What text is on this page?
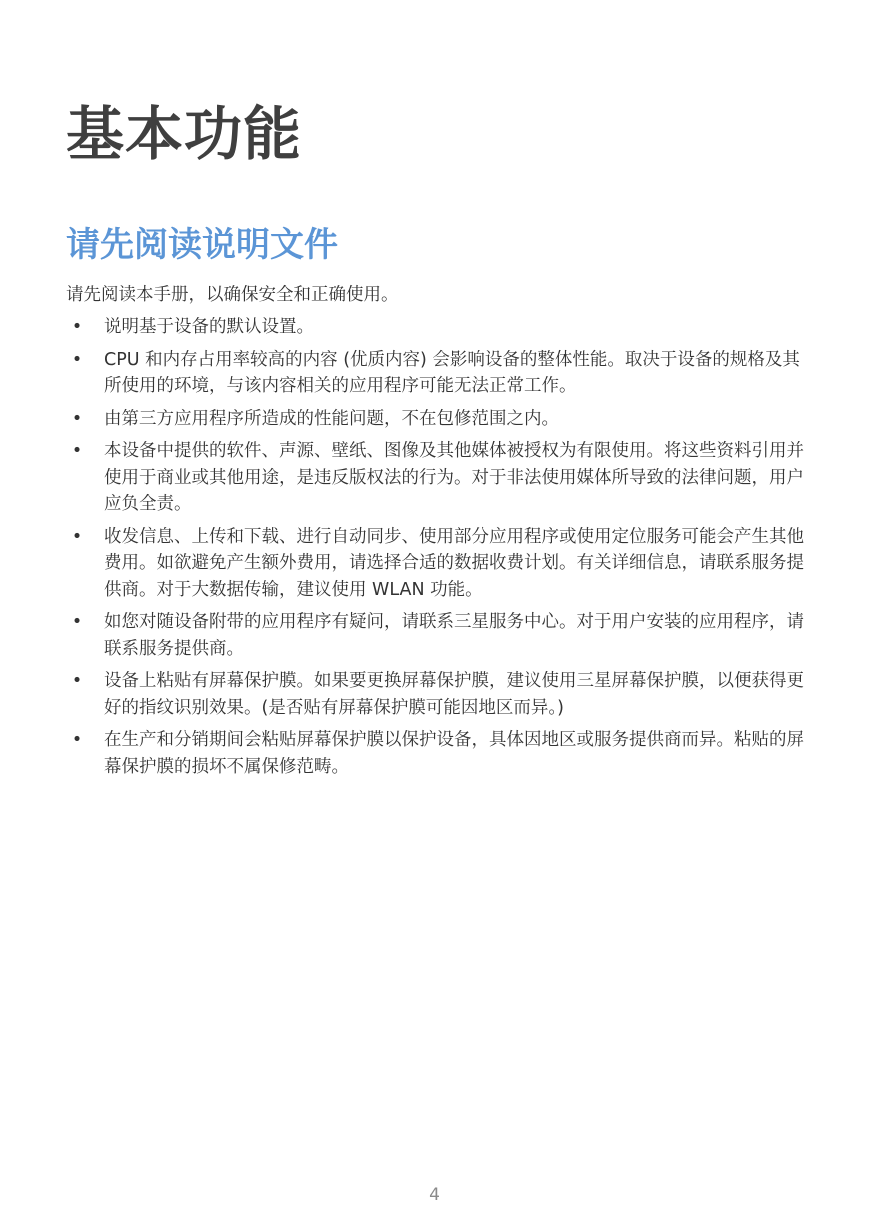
基本功能
请先阅读说明文件

请先阅读本手册，以确保安全和正确使用。

• 说明基于设备的默认设置。
• CPU 和内存占用率较高的内容 (优质内容) 会影响设备的整体性能。取决于设备的规格及其所使用的环境，与该内容相关的应用程序可能无法正常工作。
• 由第三方应用程序所造成的性能问题，不在包修范围之内。
• 本设备中提供的软件、声源、壁纸、图像及其他媒体被授权为有限使用。将这些资料引用并使用于商业或其他用途，是违反版权法的行为。对于非法使用媒体所导致的法律问题，用户应负全责。
• 收发信息、上传和下载、进行自动同步、使用部分应用程序或使用定位服务可能会产生其他费用。如欲避免产生额外费用，请选择合适的数据收费计划。有关详细信息，请联系服务提供商。对于大数据传输，建议使用 WLAN 功能。
• 如您对随设备附带的应用程序有疑问，请联系三星服务中心。对于用户安装的应用程序，请联系服务提供商。
• 设备上粘贴有屏幕保护膜。如果要更换屏幕保护膜，建议使用三星屏幕保护膜，以便获得更好的指纹识别效果。(是否贴有屏幕保护膜可能因地区而异。)
• 在生产和分销期间会粘贴屏幕保护膜以保护设备，具体因地区或服务提供商而异。粘贴的屏幕保护膜的损坏不属保修范畴。
4
